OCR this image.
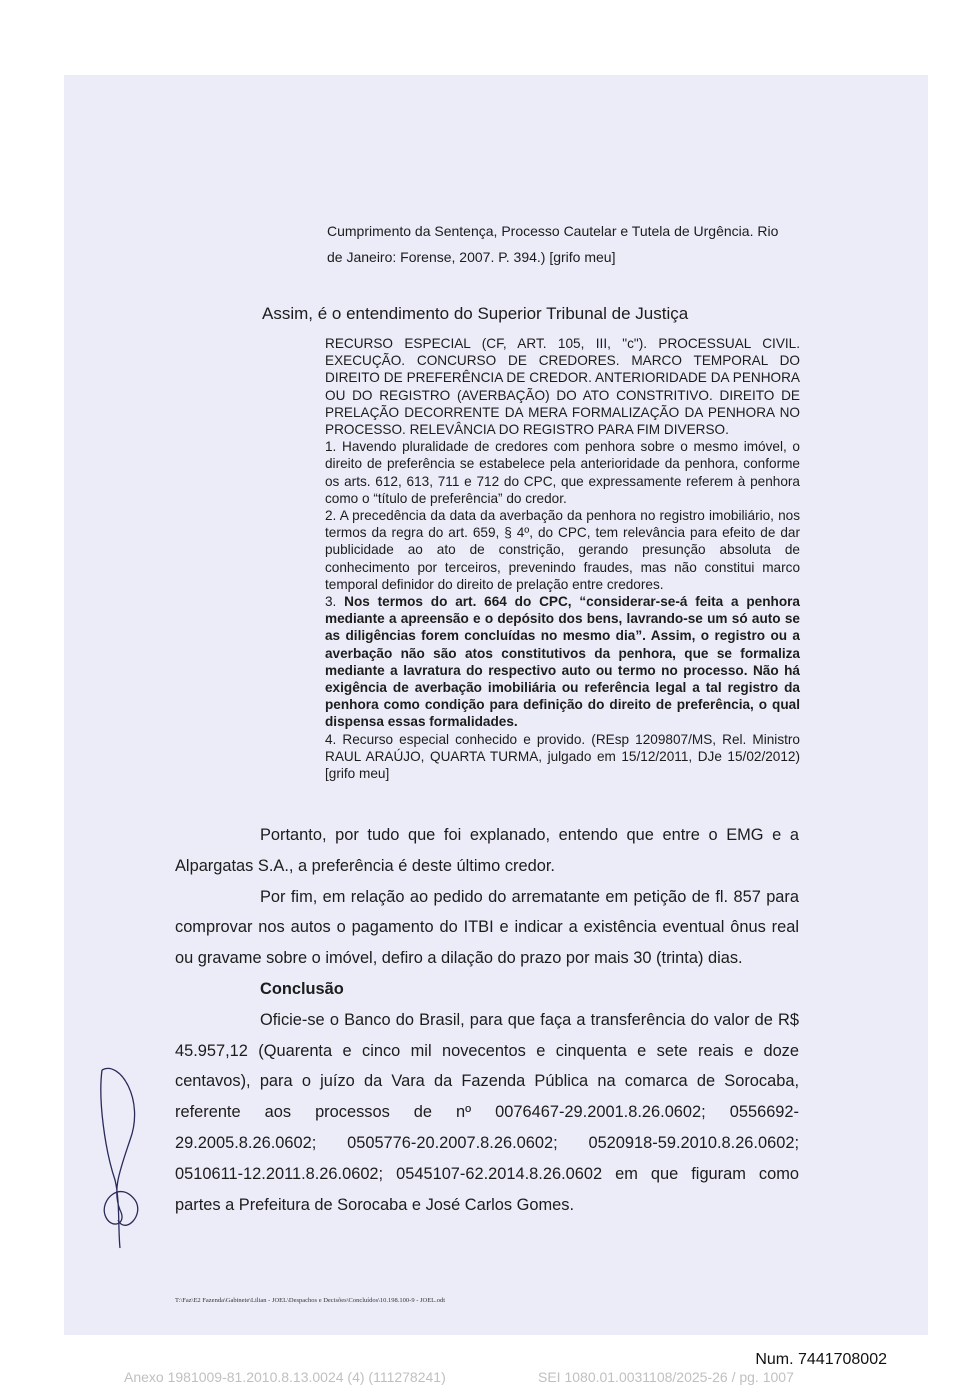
Cumprimento da Sentença, Processo Cautelar e Tutela de Urgência. Rio

de Janeiro: Forense, 2007. P. 394.) [grifo meu]

Assim, é o entendimento do Superior Tribunal de Justiça

RECURSO ESPECIAL (CF, ART. 105, III, "c"). PROCESSUAL CIVIL. EXECUÇÃO. CONCURSO DE CREDORES. MARCO TEMPORAL DO DIREITO DE PREFERÊNCIA DE CREDOR. ANTERIORIDADE DA PENHORA OU DO REGISTRO (AVERBAÇÃO) DO ATO CONSTRITIVO. DIREITO DE PRELAÇÃO DECORRENTE DA MERA FORMALIZAÇÃO DA PENHORA NO PROCESSO. RELEVÂNCIA DO REGISTRO PARA FIM DIVERSO.

1. Havendo pluralidade de credores com penhora sobre o mesmo imóvel, o direito de preferência se estabelece pela anterioridade da penhora, conforme os arts. 612, 613, 711 e 712 do CPC, que expressamente referem à penhora como o “título de preferência” do credor.

2. A precedência da data da averbação da penhora no registro imobiliário, nos termos da regra do art. 659, § 4º, do CPC, tem relevância para efeito de dar publicidade ao ato de constrição, gerando presunção absoluta de conhecimento por terceiros, prevenindo fraudes, mas não constitui marco temporal definidor do direito de prelação entre credores.

3. Nos termos do art. 664 do CPC, “considerar-se-á feita a penhora mediante a apreensão e o depósito dos bens, lavrando-se um só auto se as diligências forem concluídas no mesmo dia”. Assim, o registro ou a averbação não são atos constitutivos da penhora, que se formaliza mediante a lavratura do respectivo auto ou termo no processo. Não há exigência de averbação imobiliária ou referência legal a tal registro da penhora como condição para definição do direito de preferência, o qual dispensa essas formalidades.

4. Recurso especial conhecido e provido. (REsp 1209807/MS, Rel. Ministro RAUL ARAÚJO, QUARTA TURMA, julgado em 15/12/2011, DJe 15/02/2012) [grifo meu]

Portanto, por tudo que foi explanado, entendo que entre o EMG e a Alpargatas S.A., a preferência é deste último credor.

Por fim, em relação ao pedido do arrematante em petição de fl. 857 para comprovar nos autos o pagamento do ITBI e indicar a existência eventual ônus real ou gravame sobre o imóvel, defiro a dilação do prazo por mais 30 (trinta) dias.

Conclusão

Oficie-se o Banco do Brasil, para que faça a transferência do valor de R$ 45.957,12 (Quarenta e cinco mil novecentos e cinquenta e sete reais e doze centavos), para o juízo da Vara da Fazenda Pública na comarca de Sorocaba, referente aos processos de nº 0076467-29.2001.8.26.0602; 0556692-29.2005.8.26.0602; 0505776-20.2007.8.26.0602; 0520918-59.2010.8.26.0602; 0510611-12.2011.8.26.0602; 0545107-62.2014.8.26.0602 em que figuram como partes a Prefeitura de Sorocaba e José Carlos Gomes.

T:\Faz\E2 Fazenda\Gabinete\Lilian - JOEL\Despachos e Decisões\Concluídos\10.198.100-9 - JOEL.odt
Num. 7441708002
Anexo 1981009-81.2010.8.13.0024 (4) (111278241)	SEI 1080.01.0031108/2025-26 / pg. 1007
